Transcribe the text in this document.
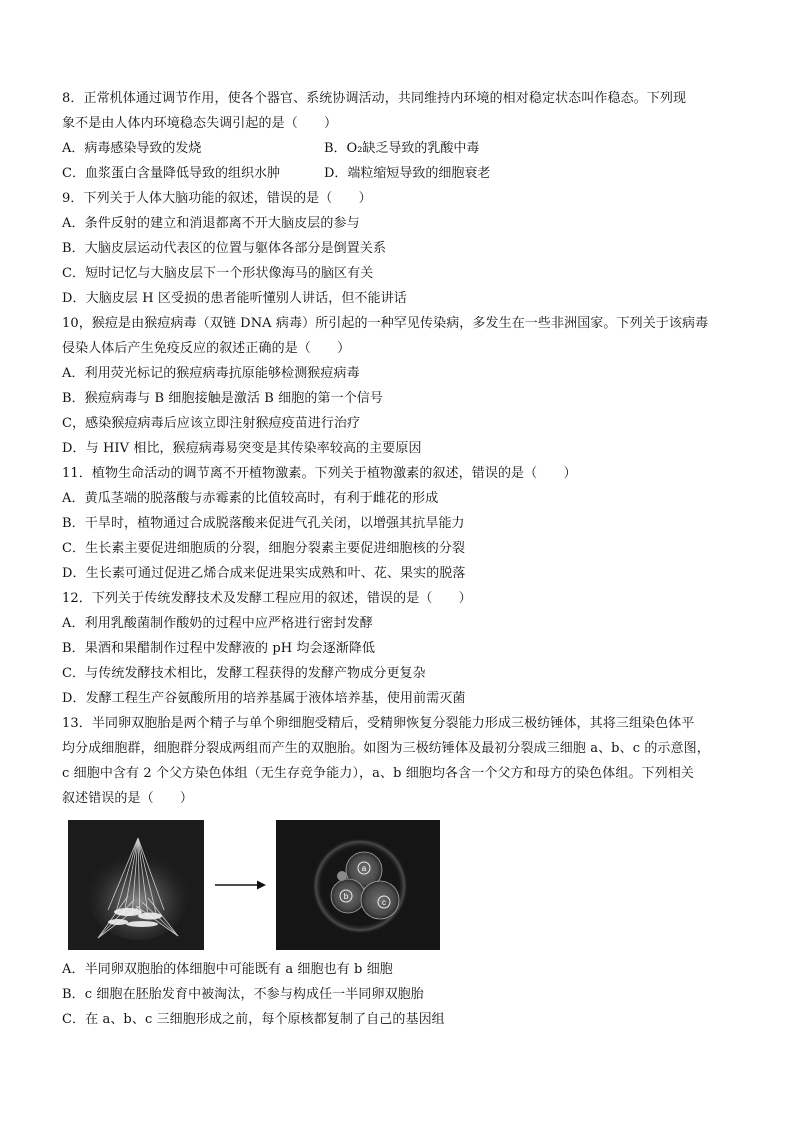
8．正常机体通过调节作用，使各个器官、系统协调活动，共同维持内环境的相对稳定状态叫作稳态。下列现
象不是由人体内环境稳态失调引起的是（　　）
A．病毒感染导致的发烧	B．O₂缺乏导致的乳酸中毒
C．血浆蛋白含量降低导致的组织水肿	D．端粒缩短导致的细胞衰老
9．下列关于人体大脑功能的叙述，错误的是（　　）
A．条件反射的建立和消退都离不开大脑皮层的参与
B．大脑皮层运动代表区的位置与躯体各部分是倒置关系
C．短时记忆与大脑皮层下一个形状像海马的脑区有关
D．大脑皮层 H 区受损的患者能听懂别人讲话，但不能讲话
10，猴痘是由猴痘病毒（双链 DNA 病毒）所引起的一种罕见传染病，多发生在一些非洲国家。下列关于该病毒
侵染人体后产生免疫反应的叙述正确的是（　　）
A．利用荧光标记的猴痘病毒抗原能够检测猴痘病毒
B．猴痘病毒与 B 细胞接触是激活 B 细胞的第一个信号
C，感染猴痘病毒后应该立即注射猴痘疫苗进行治疗
D．与 HIV 相比，猴痘病毒易突变是其传染率较高的主要原因
11．植物生命活动的调节离不开植物激素。下列关于植物激素的叙述，错误的是（　　）
A．黄瓜茎端的脱落酸与赤霉素的比值较高时，有利于雌花的形成
B．干旱时，植物通过合成脱落酸来促进气孔关闭，以增强其抗旱能力
C．生长素主要促进细胞质的分裂，细胞分裂素主要促进细胞核的分裂
D．生长素可通过促进乙烯合成来促进果实成熟和叶、花、果实的脱落
12．下列关于传统发酵技术及发酵工程应用的叙述，错误的是（　　）
A．利用乳酸菌制作酸奶的过程中应严格进行密封发酵
B．果酒和果醋制作过程中发酵液的 pH 均会逐渐降低
C．与传统发酵技术相比，发酵工程获得的发酵产物成分更复杂
D．发酵工程生产谷氨酸所用的培养基属于液体培养基，使用前需灭菌
13．半同卵双胞胎是两个精子与单个卵细胞受精后，受精卵恢复分裂能力形成三极纺锤体，其将三组染色体平
均分成细胞群，细胞群分裂成两组而产生的双胞胎。如图为三极纺锤体及最初分裂成三细胞 a、b、c 的示意图，
c 细胞中含有 2 个父方染色体组（无生存竞争能力），a、b 细胞均各含一个父方和母方的染色体组。下列相关
叙述错误的是（　　）
a
b
c
A．半同卵双胞胎的体细胞中可能既有 a 细胞也有 b 细胞
B．c 细胞在胚胎发育中被淘汰，不参与构成任一半同卵双胞胎
C．在 a、b、c 三细胞形成之前，每个原核都复制了自己的基因组
